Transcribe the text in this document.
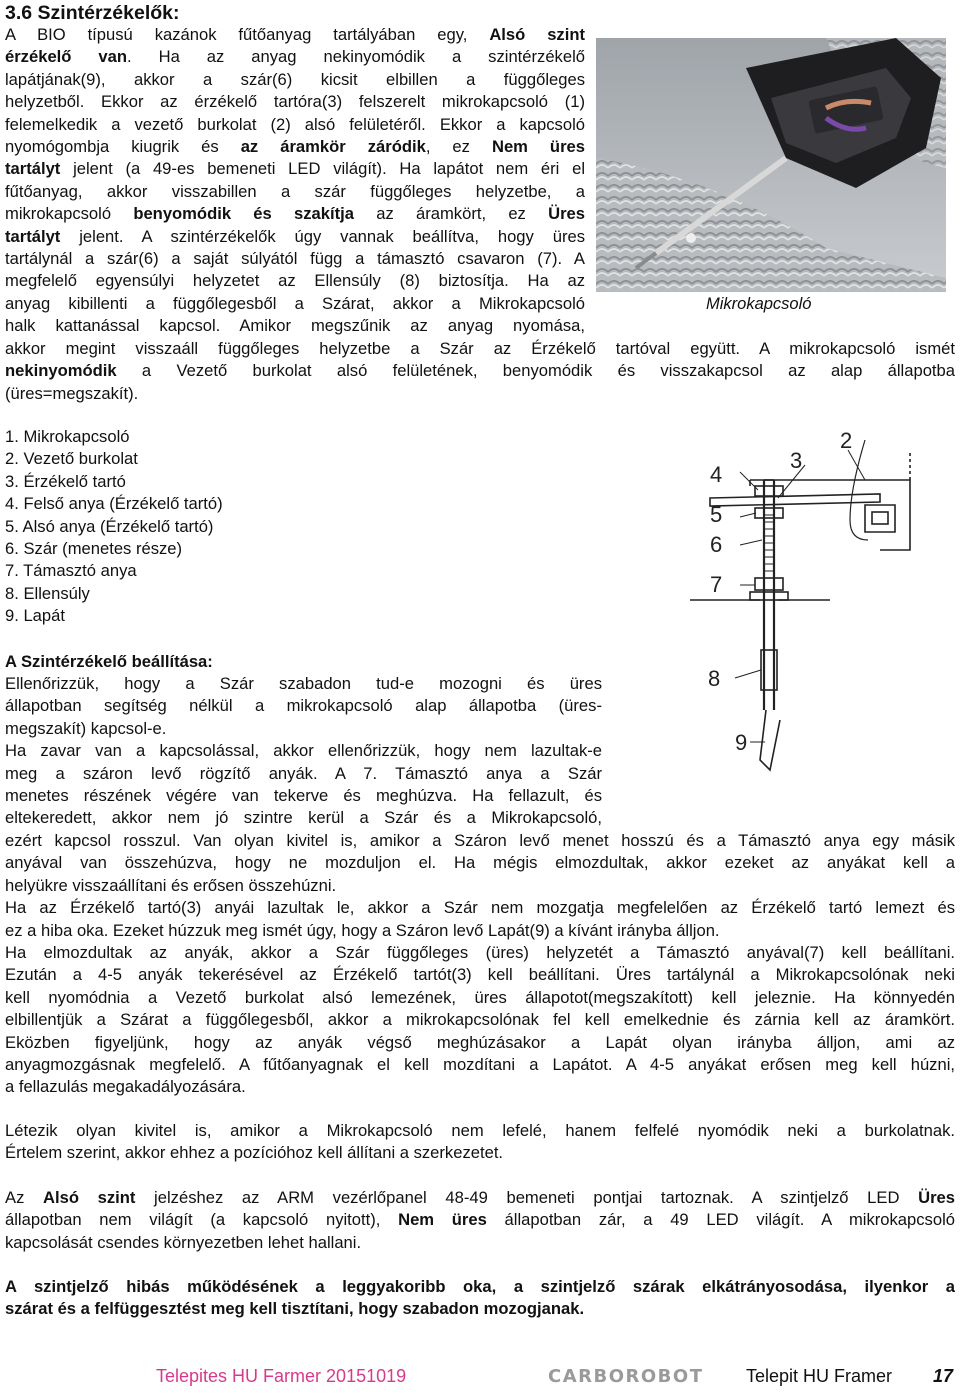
3.6 Szintérzékelők:
A BIO típusú kazánok fűtőanyag tartályában egy, Alsó szint
érzékelő van. Ha az anyag nekinyomódik a szintérzékelő
lapátjának(9), akkor a szár(6) kicsit elbillen a függőleges
helyzetből. Ekkor az érzékelő tartóra(3) felszerelt mikrokapcsoló (1)
felemelkedik a vezető burkolat (2) alsó felületéről. Ekkor a kapcsoló
nyomógombja kiugrik és az áramkör záródik, ez Nem üres
tartályt jelent (a 49-es bemeneti LED világít). Ha lapátot nem éri el
fűtőanyag, akkor visszabillen a szár függőleges helyzetbe, a
mikrokapcsoló benyomódik és szakítja az áramkört, ez Üres
tartályt jelent. A szintérzékelők úgy vannak beállítva, hogy üres
tartálynál a szár(6) a saját súlyától függ a támasztó csavaron (7). A
megfelelő egyensúlyi helyzetet az Ellensúly (8) biztosítja. Ha az
anyag kibillenti a függőlegesből a Szárat, akkor a Mikrokapcsoló
halk kattanással kapcsol. Amikor megszűnik az anyag nyomása,
Mikrokapcsoló
akkor megint visszaáll függőleges helyzetbe a Szár az Érzékelő tartóval együtt. A mikrokapcsoló ismét
nekinyomódik a Vezető burkolat alsó felületének, benyomódik és visszakapcsol az alap állapotba
(üres=megszakít).
1. Mikrokapcsoló
2. Vezető burkolat
3. Érzékelő tartó
4. Felső anya (Érzékelő tartó)
5. Alsó anya (Érzékelő tartó)
6. Szár (menetes része)
7. Támasztó anya
8. Ellensúly
9. Lapát
2
3
4
5
6
7
8
9
A Szintérzékelő beállítása:
Ellenőrizzük, hogy a Szár szabadon tud-e mozogni és üres
állapotban segítség nélkül a mikrokapcsoló alap állapotba (üres-
megszakít) kapcsol-e.
Ha zavar van a kapcsolással, akkor ellenőrizzük, hogy nem lazultak-e
meg a száron levő rögzítő anyák. A 7. Támasztó anya a Szár
menetes részének végére van tekerve és meghúzva. Ha fellazult, és
eltekeredett, akkor nem jó szintre kerül a Szár és a Mikrokapcsoló,
ezért kapcsol rosszul. Van olyan kivitel is, amikor a Száron levő menet hosszú és a Támasztó anya egy másik
anyával van összehúzva, hogy ne mozduljon el. Ha mégis elmozdultak, akkor ezeket az anyákat kell a
helyükre visszaállítani és erősen összehúzni.
Ha az Érzékelő tartó(3) anyái lazultak le, akkor a Szár nem mozgatja megfelelően az Érzékelő tartó lemezt és
ez a hiba oka. Ezeket húzzuk meg ismét úgy, hogy a Száron levő Lapát(9) a kívánt irányba álljon.
Ha elmozdultak az anyák, akkor a Szár függőleges (üres) helyzetét a Támasztó anyával(7) kell beállítani.
Ezután a 4-5 anyák tekerésével az Érzékelő tartót(3) kell beállítani. Üres tartálynál a Mikrokapcsolónak neki
kell nyomódnia a Vezető burkolat alsó lemezének, üres állapotot(megszakított) kell jeleznie. Ha könnyedén
elbillentjük a Szárat a függőlegesből, akkor a mikrokapcsolónak fel kell emelkednie és zárnia kell az áramkört.
Eközben figyeljünk, hogy az anyák végső meghúzásakor a Lapát olyan irányba álljon, ami az
anyagmozgásnak megfelelő. A fűtőanyagnak el kell mozdítani a Lapátot. A 4-5 anyákat erősen meg kell húzni,
a fellazulás megakadályozására.
Létezik olyan kivitel is, amikor a Mikrokapcsoló nem lefelé, hanem felfelé nyomódik neki a burkolatnak.
Értelem szerint, akkor ehhez a pozícióhoz kell állítani a szerkezetet.
Az Alsó szint jelzéshez az ARM vezérlőpanel 48-49 bemeneti pontjai tartoznak. A szintjelző LED Üres
állapotban nem világít (a kapcsoló nyitott), Nem üres állapotban zár, a 49 LED világít. A mikrokapcsoló
kapcsolását csendes környezetben lehet hallani.
A szintjelző hibás működésének a leggyakoribb oka, a szintjelző szárak elkátrányosodása, ilyenkor a
szárat és a felfüggesztést meg kell tisztítani, hogy szabadon mozogjanak.
Telepites HU Farmer 20151019	CARBOROBOT Telepit HU Framer 17
